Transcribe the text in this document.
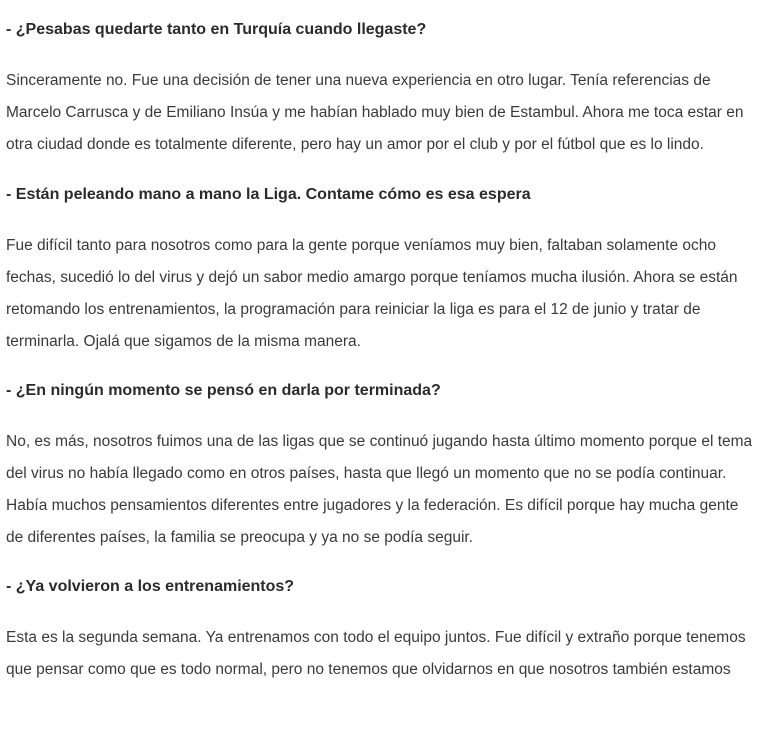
- ¿Pesabas quedarte tanto en Turquía cuando llegaste?

Sinceramente no. Fue una decisión de tener una nueva experiencia en otro lugar. Tenía referencias de Marcelo Carrusca y de Emiliano Insúa y me habían hablado muy bien de Estambul. Ahora me toca estar en otra ciudad donde es totalmente diferente, pero hay un amor por el club y por el fútbol que es lo lindo.

- Están peleando mano a mano la Liga. Contame cómo es esa espera

Fue difícil tanto para nosotros como para la gente porque veníamos muy bien, faltaban solamente ocho fechas, sucedió lo del virus y dejó un sabor medio amargo porque teníamos mucha ilusión. Ahora se están retomando los entrenamientos, la programación para reiniciar la liga es para el 12 de junio y tratar de terminarla. Ojalá que sigamos de la misma manera.

- ¿En ningún momento se pensó en darla por terminada?

No, es más, nosotros fuimos una de las ligas que se continuó jugando hasta último momento porque el tema del virus no había llegado como en otros países, hasta que llegó un momento que no se podía continuar. Había muchos pensamientos diferentes entre jugadores y la federación. Es difícil porque hay mucha gente de diferentes países, la familia se preocupa y ya no se podía seguir.

- ¿Ya volvieron a los entrenamientos?

Esta es la segunda semana. Ya entrenamos con todo el equipo juntos. Fue difícil y extraño porque tenemos que pensar como que es todo normal, pero no tenemos que olvidarnos en que nosotros también estamos
